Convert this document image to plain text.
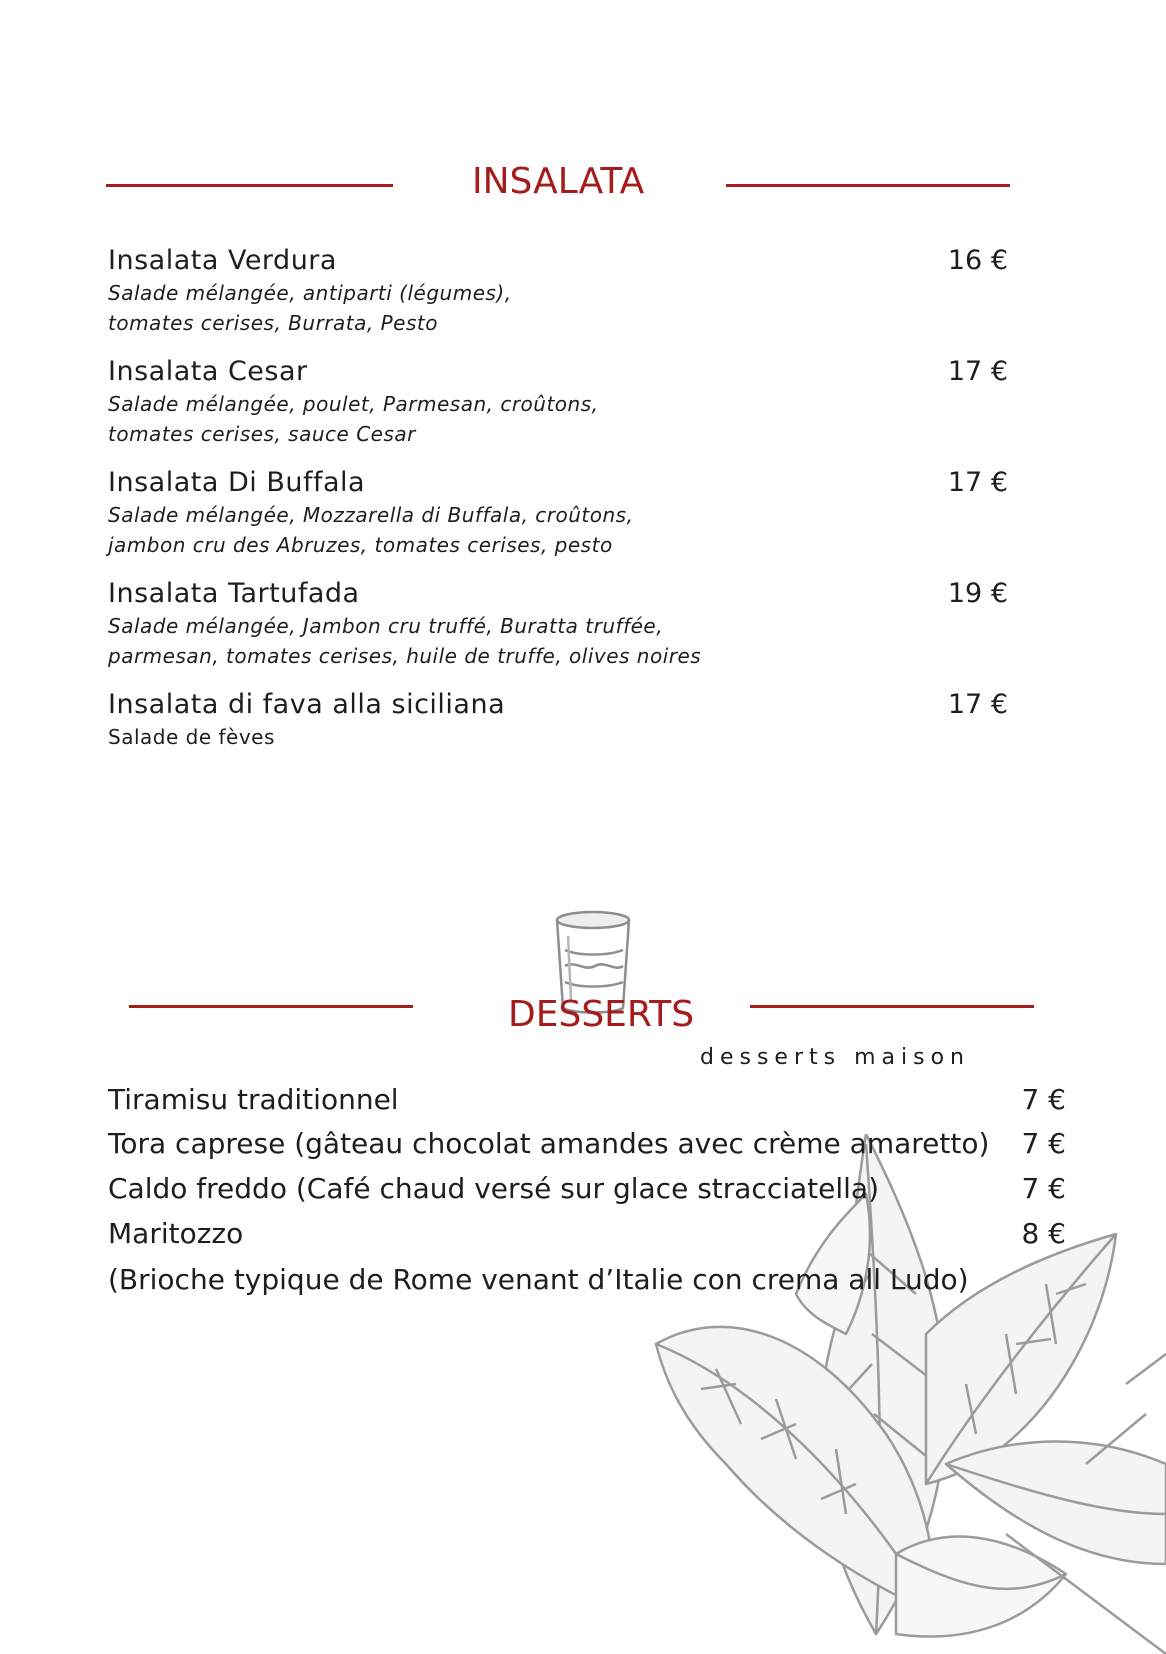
INSALATA
Insalata Verdura	16 €
Salade mélangée, antiparti (légumes),
tomates cerises, Burrata, Pesto
Insalata Cesar	17 €
Salade mélangée, poulet, Parmesan, croûtons,
tomates cerises, sauce Cesar
Insalata Di Buffala	17 €
Salade mélangée, Mozzarella di Buffala, croûtons,
jambon cru des Abruzes, tomates cerises, pesto
Insalata Tartufada	19 €
Salade mélangée, Jambon cru truffé, Buratta truffée,
parmesan, tomates cerises, huile de truffe, olives noires
Insalata di fava alla siciliana	17 €
Salade de fèves
DESSERTS
desserts maison
Tiramisu traditionnel	7 €
Tora caprese (gâteau chocolat amandes avec crème amaretto)	7 €
Caldo freddo (Café chaud versé sur glace stracciatella)	7 €
Maritozzo	8 €
(Brioche typique de Rome venant d’Italie con crema all Ludo)
